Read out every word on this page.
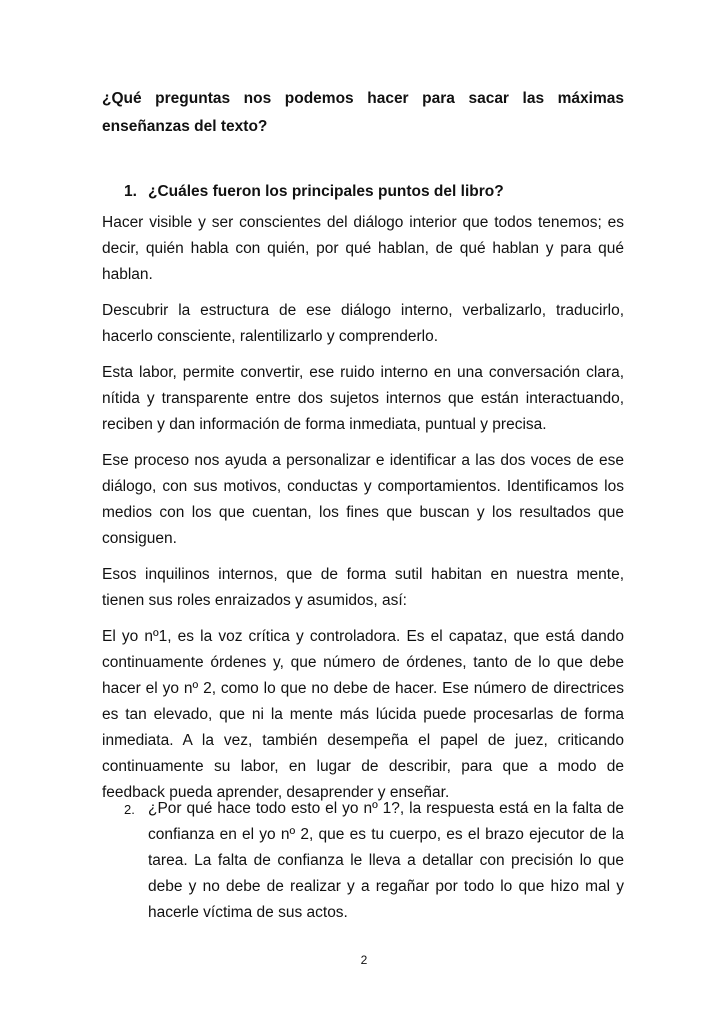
¿Qué preguntas nos podemos hacer para sacar las máximas enseñanzas del texto?

1. ¿Cuáles fueron los principales puntos del libro?

Hacer visible y ser conscientes del diálogo interior que todos tenemos; es decir, quién habla con quién, por qué hablan, de qué hablan y para qué hablan.

Descubrir la estructura de ese diálogo interno, verbalizarlo, traducirlo, hacerlo consciente, ralentilizarlo y comprenderlo.

Esta labor, permite convertir, ese ruido interno en una conversación clara, nítida y transparente entre dos sujetos internos que están interactuando, reciben y dan información de forma inmediata, puntual y precisa.

Ese proceso nos ayuda a personalizar e identificar a las dos voces de ese diálogo, con sus motivos, conductas y comportamientos. Identificamos los medios con los que cuentan, los fines que buscan y los resultados que consiguen.

Esos inquilinos internos, que de forma sutil habitan en nuestra mente, tienen sus roles enraizados y asumidos, así:

El yo nº1, es la voz crítica y controladora. Es el capataz, que está dando continuamente órdenes y, que número de órdenes, tanto de lo que debe hacer el yo nº 2, como lo que no debe de hacer. Ese número de directrices es tan elevado, que ni la mente más lúcida puede procesarlas de forma inmediata. A la vez, también desempeña el papel de juez, criticando continuamente su labor, en lugar de describir, para que a modo de feedback pueda aprender, desaprender y enseñar.

2. ¿Por qué hace todo esto el yo nº 1?, la respuesta está en la falta de confianza en el yo nº 2, que es tu cuerpo, es el brazo ejecutor de la tarea. La falta de confianza le lleva a detallar con precisión lo que debe y no debe de realizar y a regañar por todo lo que hizo mal y hacerle víctima de sus actos.

2
